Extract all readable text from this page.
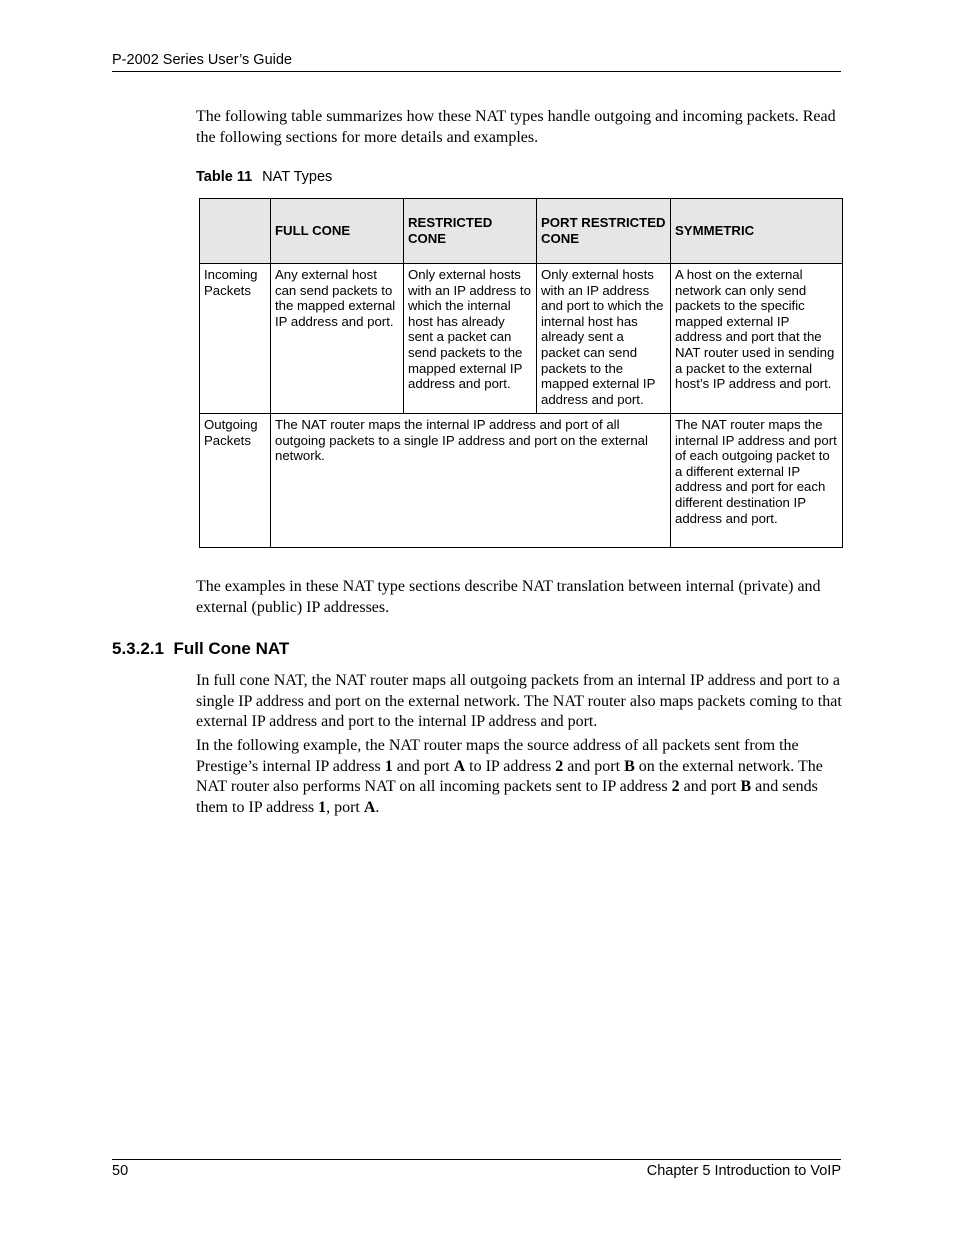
P-2002 Series User’s Guide

The following table summarizes how these NAT types handle outgoing and incoming packets. Read the following sections for more details and examples.

Table 11 NAT Types
	FULL CONE	RESTRICTED CONE	PORT RESTRICTED CONE	SYMMETRIC
Incoming Packets	Any external host can send packets to the mapped external IP address and port.	Only external hosts with an IP address to which the internal host has already sent a packet can send packets to the mapped external IP address and port.	Only external hosts with an IP address and port to which the internal host has already sent a packet can send packets to the mapped external IP address and port.	A host on the external network can only send packets to the specific mapped external IP address and port that the NAT router used in sending a packet to the external host’s IP address and port.
Outgoing Packets	The NAT router maps the internal IP address and port of all outgoing packets to a single IP address and port on the external network.			The NAT router maps the internal IP address and port of each outgoing packet to a different external IP address and port for each different destination IP address and port.

The examples in these NAT type sections describe NAT translation between internal (private) and external (public) IP addresses.

5.3.2.1 Full Cone NAT

In full cone NAT, the NAT router maps all outgoing packets from an internal IP address and port to a single IP address and port on the external network. The NAT router also maps packets coming to that external IP address and port to the internal IP address and port.

In the following example, the NAT router maps the source address of all packets sent from the Prestige’s internal IP address 1 and port A to IP address 2 and port B on the external network. The NAT router also performs NAT on all incoming packets sent to IP address 2 and port B and sends them to IP address 1, port A.

50	Chapter 5 Introduction to VoIP
